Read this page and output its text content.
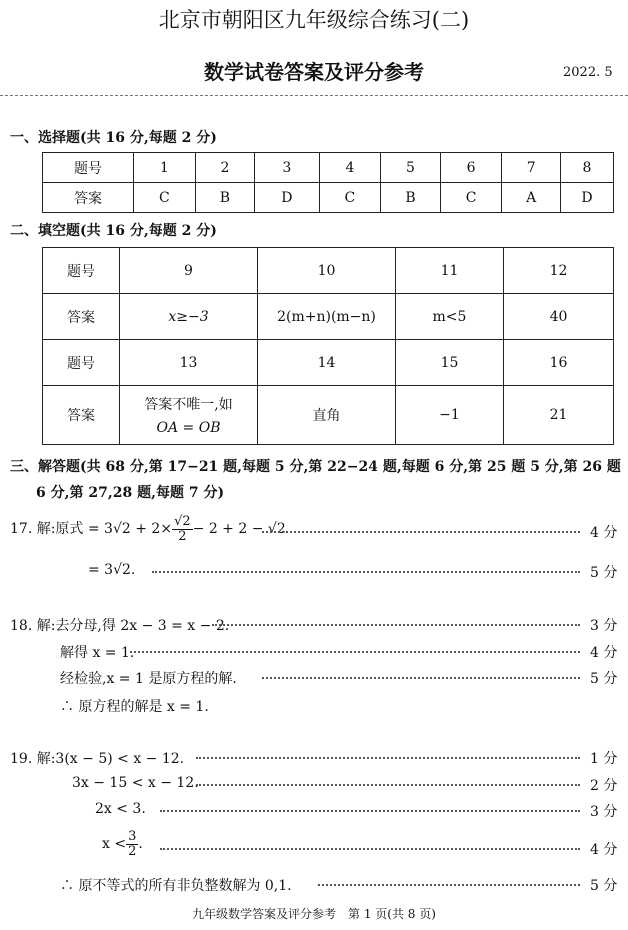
北京市朝阳区九年级综合练习(二)
数学试卷答案及评分参考	2022. 5
一、选择题(共 16 分,每题 2 分)
题号	1	2	3	4	5	6	7	8
答案	C	B	D	C	B	C	A	D
二、填空题(共 16 分,每题 2 分)
题号	9	10	11	12
答案	x≥−3	2(m+n)(m−n)	m<5	40
题号	13	14	15	16
答案	答案不唯一,如
OA = OB	直角	−1	21
三、解答题(共 68 分,第 17−21 题,每题 5 分,第 22−24 题,每题 6 分,第 25 题 5 分,第 26 题
6 分,第 27,28 题,每题 7 分)
17. 解:原式 = $3√2 + 2\times \frac{√2}{2} - 2 + 2 - √2$	4 分
= 3√2.	5 分
18. 解:去分母,得 2x − 3 = x − 2.	3 分
解得 x = 1.	4 分
经检验,x = 1 是原方程的解.	5 分
∴ 原方程的解是 x = 1.
19. 解:3(x − 5) < x − 12.	1 分
3x − 15 < x − 12.	2 分
2x < 3.	3 分
$x < \frac{3}{2}$ .	4 分
∴ 原不等式的所有非负整数解为 0,1.	5 分
九年级数学答案及评分参考　第 1 页(共 8 页)
